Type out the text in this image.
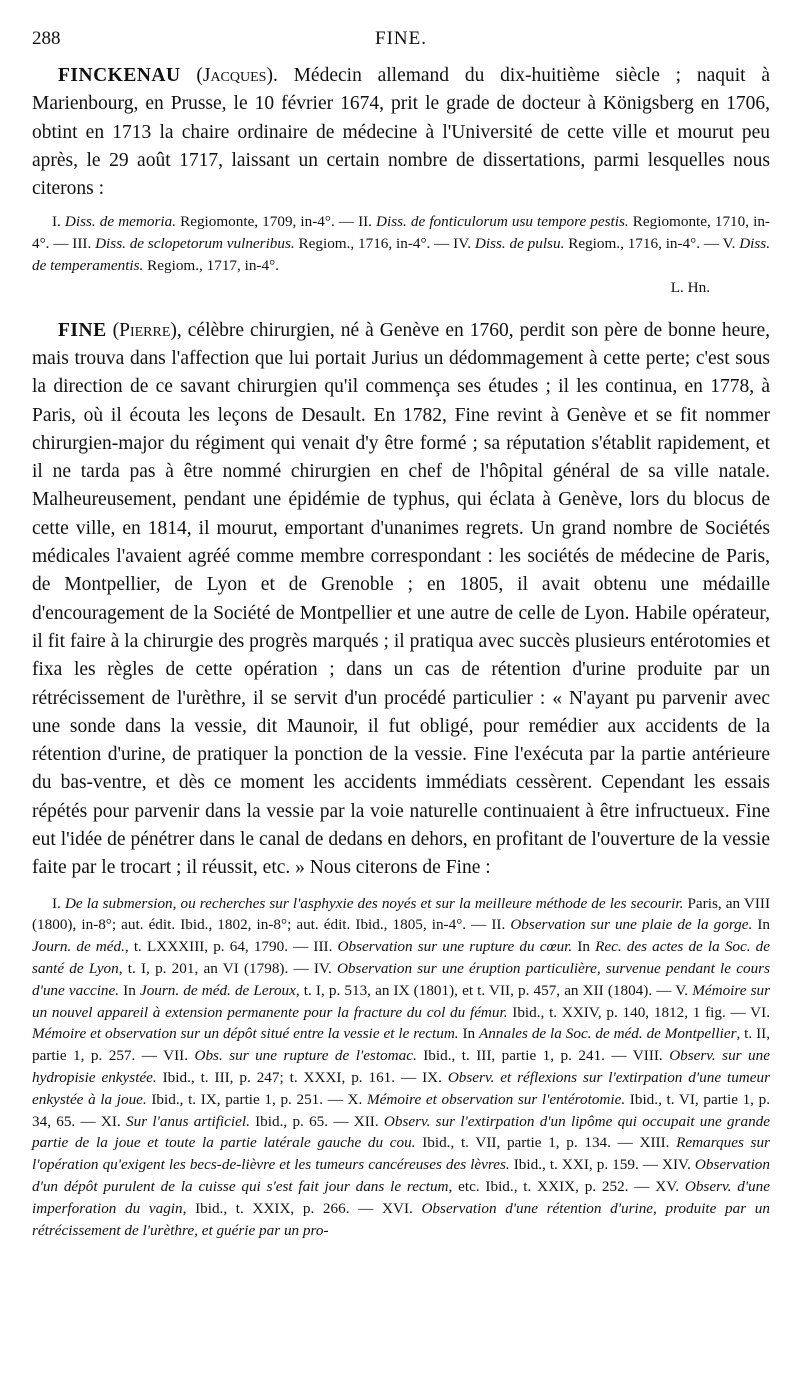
288	FINE.

FINCKENAU (Jacques). Médecin allemand du dix-huitième siècle ; naquit à Marienbourg, en Prusse, le 10 février 1674, prit le grade de docteur à Königsberg en 1706, obtint en 1713 la chaire ordinaire de médecine à l'Université de cette ville et mourut peu après, le 29 août 1717, laissant un certain nombre de dissertations, parmi lesquelles nous citerons :

I. Diss. de memoria. Regiomonte, 1709, in-4°. — II. Diss. de fonticulorum usu tempore pestis. Regiomonte, 1710, in-4°. — III. Diss. de sclopetorum vulneribus. Regiom., 1716, in-4°. — IV. Diss. de pulsu. Regiom., 1716, in-4°. — V. Diss. de temperamentis. Regiom., 1717, in-4°.

L. Hn.

FINE (Pierre), célèbre chirurgien, né à Genève en 1760, perdit son père de bonne heure, mais trouva dans l'affection que lui portait Jurius un dédommagement à cette perte; c'est sous la direction de ce savant chirurgien qu'il commença ses études ; il les continua, en 1778, à Paris, où il écouta les leçons de Desault. En 1782, Fine revint à Genève et se fit nommer chirurgien-major du régiment qui venait d'y être formé ; sa réputation s'établit rapidement, et il ne tarda pas à être nommé chirurgien en chef de l'hôpital général de sa ville natale. Malheureusement, pendant une épidémie de typhus, qui éclata à Genève, lors du blocus de cette ville, en 1814, il mourut, emportant d'unanimes regrets. Un grand nombre de Sociétés médicales l'avaient agréé comme membre correspondant : les sociétés de médecine de Paris, de Montpellier, de Lyon et de Grenoble ; en 1805, il avait obtenu une médaille d'encouragement de la Société de Montpellier et une autre de celle de Lyon. Habile opérateur, il fit faire à la chirurgie des progrès marqués ; il pratiqua avec succès plusieurs entérotomies et fixa les règles de cette opération ; dans un cas de rétention d'urine produite par un rétrécissement de l'urèthre, il se servit d'un procédé particulier : « N'ayant pu parvenir avec une sonde dans la vessie, dit Maunoir, il fut obligé, pour remédier aux accidents de la rétention d'urine, de pratiquer la ponction de la vessie. Fine l'exécuta par la partie antérieure du bas-ventre, et dès ce moment les accidents immédiats cessèrent. Cependant les essais répétés pour parvenir dans la vessie par la voie naturelle continuaient à être infructueux. Fine eut l'idée de pénétrer dans le canal de dedans en dehors, en profitant de l'ouverture de la vessie faite par le trocart ; il réussit, etc. » Nous citerons de Fine :

I. De la submersion, ou recherches sur l'asphyxie des noyés et sur la meilleure méthode de les secourir. Paris, an VIII (1800), in-8°; aut. édit. Ibid., 1802, in-8°; aut. édit. Ibid., 1805, in-4°. — II. Observation sur une plaie de la gorge. In Journ. de méd., t. LXXXIII, p. 64, 1790. — III. Observation sur une rupture du cœur. In Rec. des actes de la Soc. de santé de Lyon, t. I, p. 201, an VI (1798). — IV. Observation sur une éruption particulière, survenue pendant le cours d'une vaccine. In Journ. de méd. de Leroux, t. I, p. 513, an IX (1801), et t. VII, p. 457, an XII (1804). — V. Mémoire sur un nouvel appareil à extension permanente pour la fracture du col du fémur. Ibid., t. XXIV, p. 140, 1812, 1 fig. — VI. Mémoire et observation sur un dépôt situé entre la vessie et le rectum. In Annales de la Soc. de méd. de Montpellier, t. II, partie 1, p. 257. — VII. Obs. sur une rupture de l'estomac. Ibid., t. III, partie 1, p. 241. — VIII. Observ. sur une hydropisie enkystée. Ibid., t. III, p. 247; t. XXXI, p. 161. — IX. Observ. et réflexions sur l'extirpation d'une tumeur enkystée à la joue. Ibid., t. IX, partie 1, p. 251. — X. Mémoire et observation sur l'entérotomie. Ibid., t. VI, partie 1, p. 34, 65. — XI. Sur l'anus artificiel. Ibid., p. 65. — XII. Observ. sur l'extirpation d'un lipôme qui occupait une grande partie de la joue et toute la partie latérale gauche du cou. Ibid., t. VII, partie 1, p. 134. — XIII. Remarques sur l'opération qu'exigent les becs-de-lièvre et les tumeurs cancéreuses des lèvres. Ibid., t. XXI, p. 159. — XIV. Observation d'un dépôt purulent de la cuisse qui s'est fait jour dans le rectum, etc. Ibid., t. XXIX, p. 252. — XV. Observ. d'une imperforation du vagin, Ibid., t. XXIX, p. 266. — XVI. Observation d'une rétention d'urine, produite par un rétrécissement de l'urèthre, et guérie par un pro-
